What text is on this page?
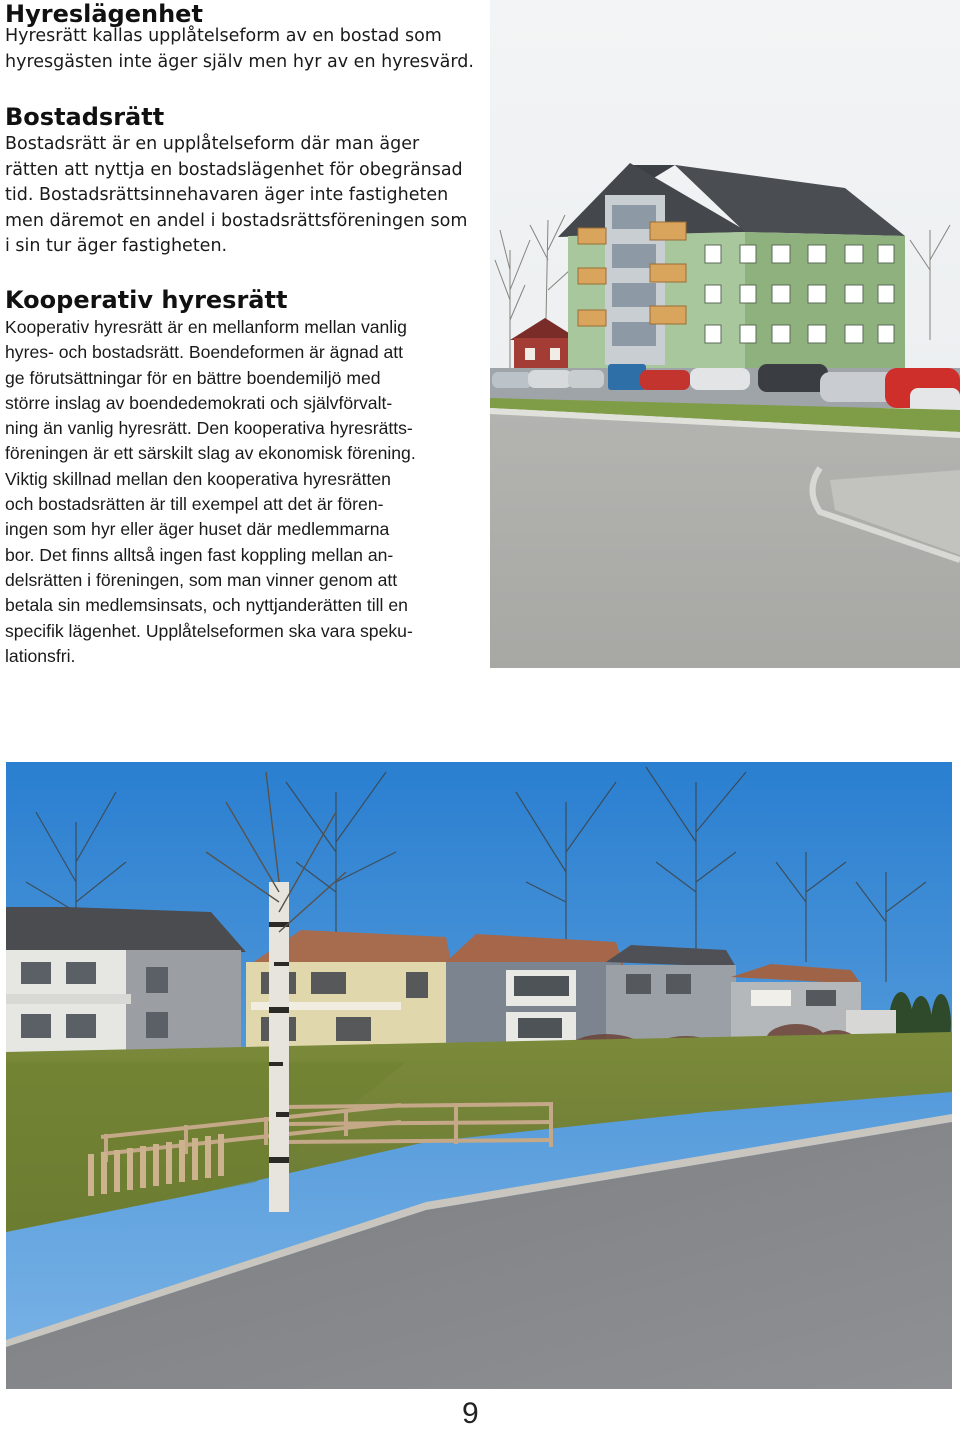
Hyreslägenhet
Hyresrätt kallas upplåtelseform av en bostad som
hyresgästen inte äger själv men hyr av en hyresvärd.
Bostadsrätt
Bostadsrätt är en upplåtelseform där man äger
rätten att nyttja en bostadslägenhet för obegränsad
tid. Bostadsrättsinnehavaren äger inte fastigheten
men däremot en andel i bostadsrättsföreningen som
i sin tur äger fastigheten.
Kooperativ hyresrätt
Kooperativ hyresrätt är en mellanform mellan vanlig
hyres- och bostadsrätt. Boendeformen är ägnad att
ge förutsättningar för en bättre boendemiljö med
större inslag av boendedemokrati och självförvalt-
ning än vanlig hyresrätt. Den kooperativa hyresrätts-
föreningen är ett särskilt slag av ekonomisk förening.
Viktig skillnad mellan den kooperativa hyresrätten
och bostadsrätten är till exempel att det är fören-
ingen som hyr eller äger huset där medlemmarna
bor. Det finns alltså ingen fast koppling mellan an-
delsrätten i föreningen, som man vinner genom att
betala sin medlemsinsats, och nyttjanderätten till en
specifik lägenhet. Upplåtelseformen ska vara speku-
lationsfri.
9
